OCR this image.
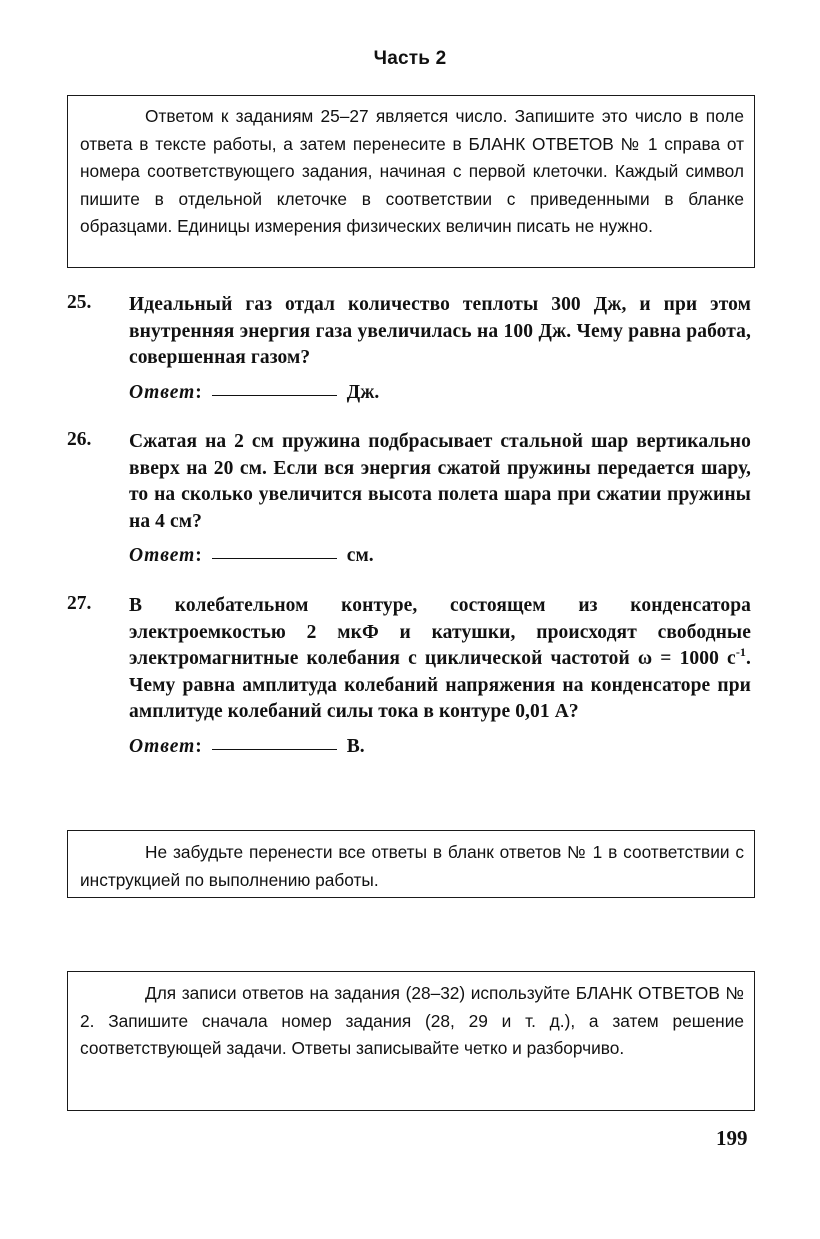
Часть 2

Ответом к заданиям 25–27 является число. Запишите это число в поле ответа в тексте работы, а затем перенесите в БЛАНК ОТВЕТОВ № 1 справа от номера соответствующего задания, начиная с первой клеточки. Каждый символ пишите в отдельной клеточке в соответствии с приведенными в бланке образцами. Единицы измерения физических величин писать не нужно.

25. Идеальный газ отдал количество теплоты 300 Дж, и при этом внутренняя энергия газа увеличилась на 100 Дж. Чему равна работа, совершенная газом?
Ответ :	Дж.
26. Сжатая на 2 см пружина подбрасывает стальной шар вертикально вверх на 20 см. Если вся энергия сжатой пружины передается шару, то на сколько увеличится высота полета шара при сжатии пружины на 4 см?
Ответ :	см.
27. В колебательном контуре, состоящем из конденсатора электроемкостью 2 мкФ и катушки, происходят свободные электромагнитные колебания с циклической частотой ω = 1000 $с^{-1}$. Чему равна амплитуда колебаний напряжения на конденсаторе при амплитуде колебаний силы тока в контуре 0,01 А?
Ответ :	В.

Не забудьте перенести все ответы в бланк ответов № 1 в соответствии с инструкцией по выполнению работы.

Для записи ответов на задания (28–32) используйте БЛАНК ОТВЕТОВ № 2. Запишите сначала номер задания (28, 29 и т. д.), а затем решение соответствующей задачи. Ответы записывайте четко и разборчиво.

199
